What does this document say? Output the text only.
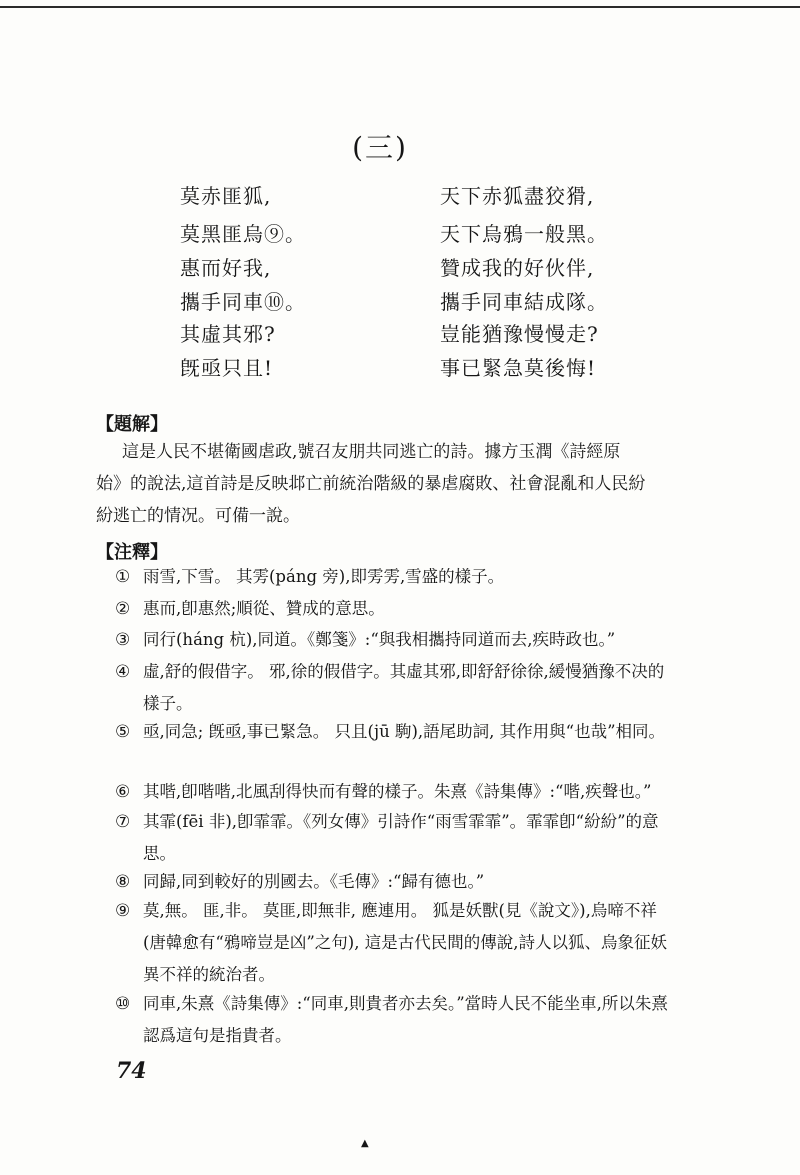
(三)
莫赤匪狐,
莫黑匪烏⑨。
惠而好我,
攜手同車⑩。
其虛其邪?
旣亟只且!
天下赤狐盡狡猾,
天下烏鴉一般黑。
贊成我的好伙伴,
攜手同車結成隊。
豈能猶豫慢慢走?
事已緊急莫後悔!
【題解】
這是人民不堪衛國虐政,號召友朋共同逃亡的詩。據方玉潤《詩經原
始》的說法,這首詩是反映邶亡前統治階級的暴虐腐敗、社會混亂和人民紛
紛逃亡的情况。可備一說。
【注釋】
① 雨雪,下雪。 其雱(páng 旁),即雱雱,雪盛的樣子。
② 惠而,卽惠然;順從、贊成的意思。
③ 同行(háng 杭),同道。《鄭箋》:“與我相攜持同道而去,疾時政也。”
④ 虛,舒的假借字。 邪,徐的假借字。其虛其邪,即舒舒徐徐,緩慢猶豫不决的樣子。
⑤ 亟,同急; 旣亟,事已緊急。 只且(jū 駒),語尾助詞, 其作用與“也哉”相同。
⑥ 其喈,卽喈喈,北風刮得快而有聲的樣子。朱熹《詩集傳》:“喈,疾聲也。”
⑦ 其霏(fēi 非),卽霏霏。《列女傳》引詩作“雨雪霏霏”。霏霏卽“紛紛”的意思。
⑧ 同歸,同到較好的別國去。《毛傳》:“歸有德也。”
⑨ 莫,無。 匪,非。 莫匪,即無非, 應連用。 狐是妖獸(見《說文》),烏啼不祥(唐韓愈有“鴉啼豈是凶”之句), 這是古代民間的傳說,詩人以狐、烏象征妖異不祥的統治者。
⑩ 同車,朱熹《詩集傳》:“同車,則貴者亦去矣。”當時人民不能坐車,所以朱熹認爲這句是指貴者。
74
▲
